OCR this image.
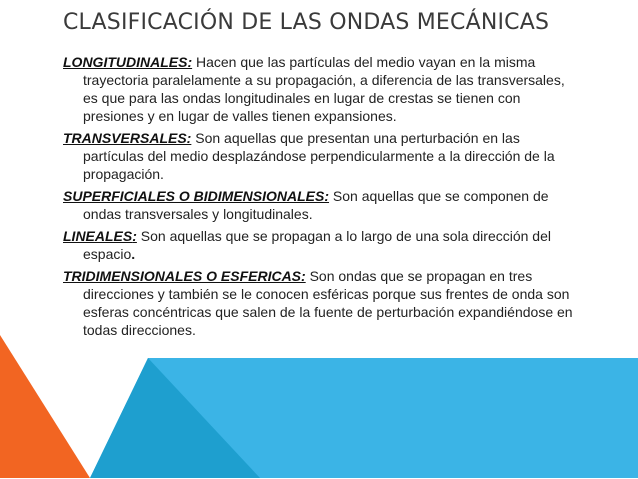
CLASIFICACIÓN DE LAS ONDAS MECÁNICAS
LONGITUDINALES: Hacen que las partículas del medio vayan en la misma trayectoria paralelamente a su propagación, a diferencia de las transversales, es que para las ondas longitudinales en lugar de crestas se tienen con presiones y en lugar de valles tienen expansiones.
TRANSVERSALES: Son aquellas que presentan una perturbación en las partículas del medio desplazándose perpendicularmente a la dirección de la propagación.
SUPERFICIALES O BIDIMENSIONALES: Son aquellas que se componen de ondas transversales y longitudinales.
LINEALES: Son aquellas que se propagan a lo largo de una sola dirección del espacio.
TRIDIMENSIONALES O ESFERICAS: Son ondas que se propagan en tres direcciones y también se le conocen esféricas porque sus frentes de onda son esferas concéntricas que salen de la fuente de perturbación expandiéndose en todas direcciones.
